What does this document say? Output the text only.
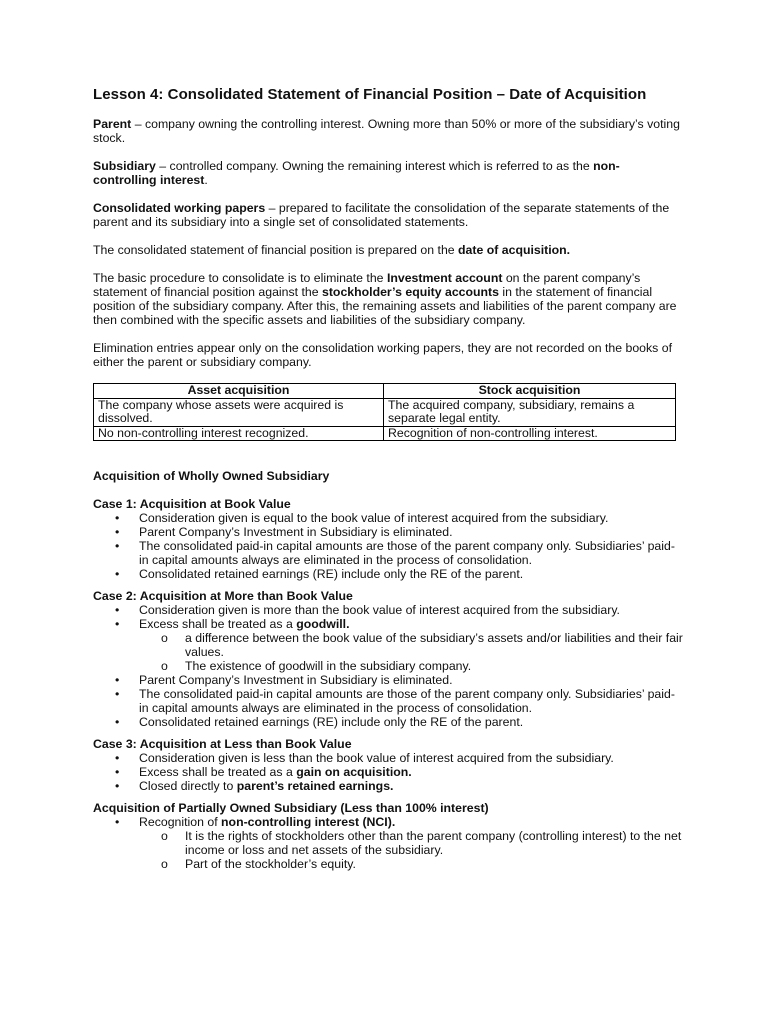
Lesson 4: Consolidated Statement of Financial Position – Date of Acquisition

Parent – company owning the controlling interest. Owning more than 50% or more of the subsidiary’s voting stock.

Subsidiary – controlled company. Owning the remaining interest which is referred to as the non-controlling interest.

Consolidated working papers – prepared to facilitate the consolidation of the separate statements of the parent and its subsidiary into a single set of consolidated statements.

The consolidated statement of financial position is prepared on the date of acquisition.

The basic procedure to consolidate is to eliminate the Investment account on the parent company’s statement of financial position against the stockholder’s equity accounts in the statement of financial position of the subsidiary company. After this, the remaining assets and liabilities of the parent company are then combined with the specific assets and liabilities of the subsidiary company.

Elimination entries appear only on the consolidation working papers, they are not recorded on the books of either the parent or subsidiary company.

Asset acquisition	Stock acquisition
The company whose assets were acquired is dissolved.	The acquired company, subsidiary, remains a separate legal entity.
No non-controlling interest recognized.	Recognition of non-controlling interest.
Acquisition of Wholly Owned Subsidiary
Case 1: Acquisition at Book Value
• Consideration given is equal to the book value of interest acquired from the subsidiary.
• Parent Company’s Investment in Subsidiary is eliminated.
• The consolidated paid-in capital amounts are those of the parent company only. Subsidiaries’ paid-in capital amounts always are eliminated in the process of consolidation.
• Consolidated retained earnings (RE) include only the RE of the parent.
Case 2: Acquisition at More than Book Value
• Consideration given is more than the book value of interest acquired from the subsidiary.
• Excess shall be treated as a goodwill.
o a difference between the book value of the subsidiary’s assets and/or liabilities and their fair values.
o The existence of goodwill in the subsidiary company.
• Parent Company’s Investment in Subsidiary is eliminated.
• The consolidated paid-in capital amounts are those of the parent company only. Subsidiaries’ paid-in capital amounts always are eliminated in the process of consolidation.
• Consolidated retained earnings (RE) include only the RE of the parent.
Case 3: Acquisition at Less than Book Value
• Consideration given is less than the book value of interest acquired from the subsidiary.
• Excess shall be treated as a gain on acquisition.
• Closed directly to parent’s retained earnings.
Acquisition of Partially Owned Subsidiary (Less than 100% interest)
• Recognition of non-controlling interest (NCI).
o It is the rights of stockholders other than the parent company (controlling interest) to the net income or loss and net assets of the subsidiary.
o Part of the stockholder’s equity.
